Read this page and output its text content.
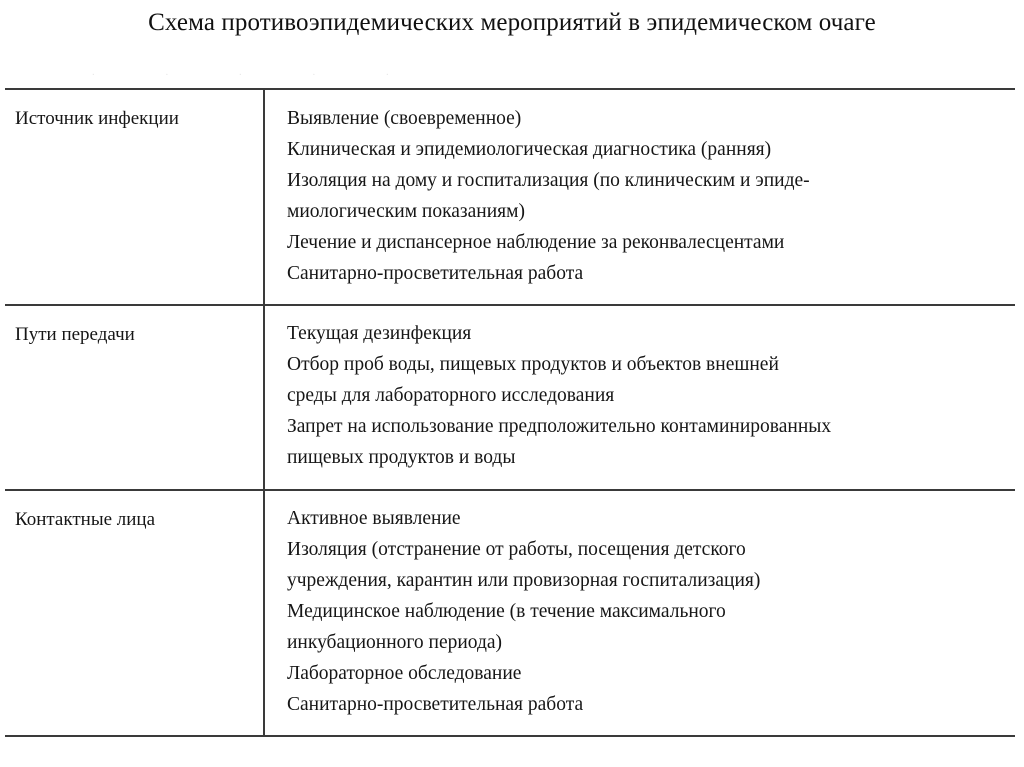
Схема противоэпидемических мероприятий в эпидемическом очаге
. . . . .
Источник инфекции	Выявление (своевременное)
Клиническая и эпидемиологическая диагностика (ранняя)
Изоляция на дому и госпитализация (по клиническим и эпиде-
миологическим показаниям)
Лечение и диспансерное наблюдение за реконвалесцентами
Санитарно-просветительная работа

Пути передачи	Текущая дезинфекция
Отбор проб воды, пищевых продуктов и объектов внешней
среды для лабораторного исследования
Запрет на использование предположительно контаминированных
пищевых продуктов и воды

Контактные лица	Активное выявление
Изоляция (отстранение от работы, посещения детского
учреждения, карантин или провизорная госпитализация)
Медицинское наблюдение (в течение максимального
инкубационного периода)
Лабораторное обследование
Санитарно-просветительная работа
